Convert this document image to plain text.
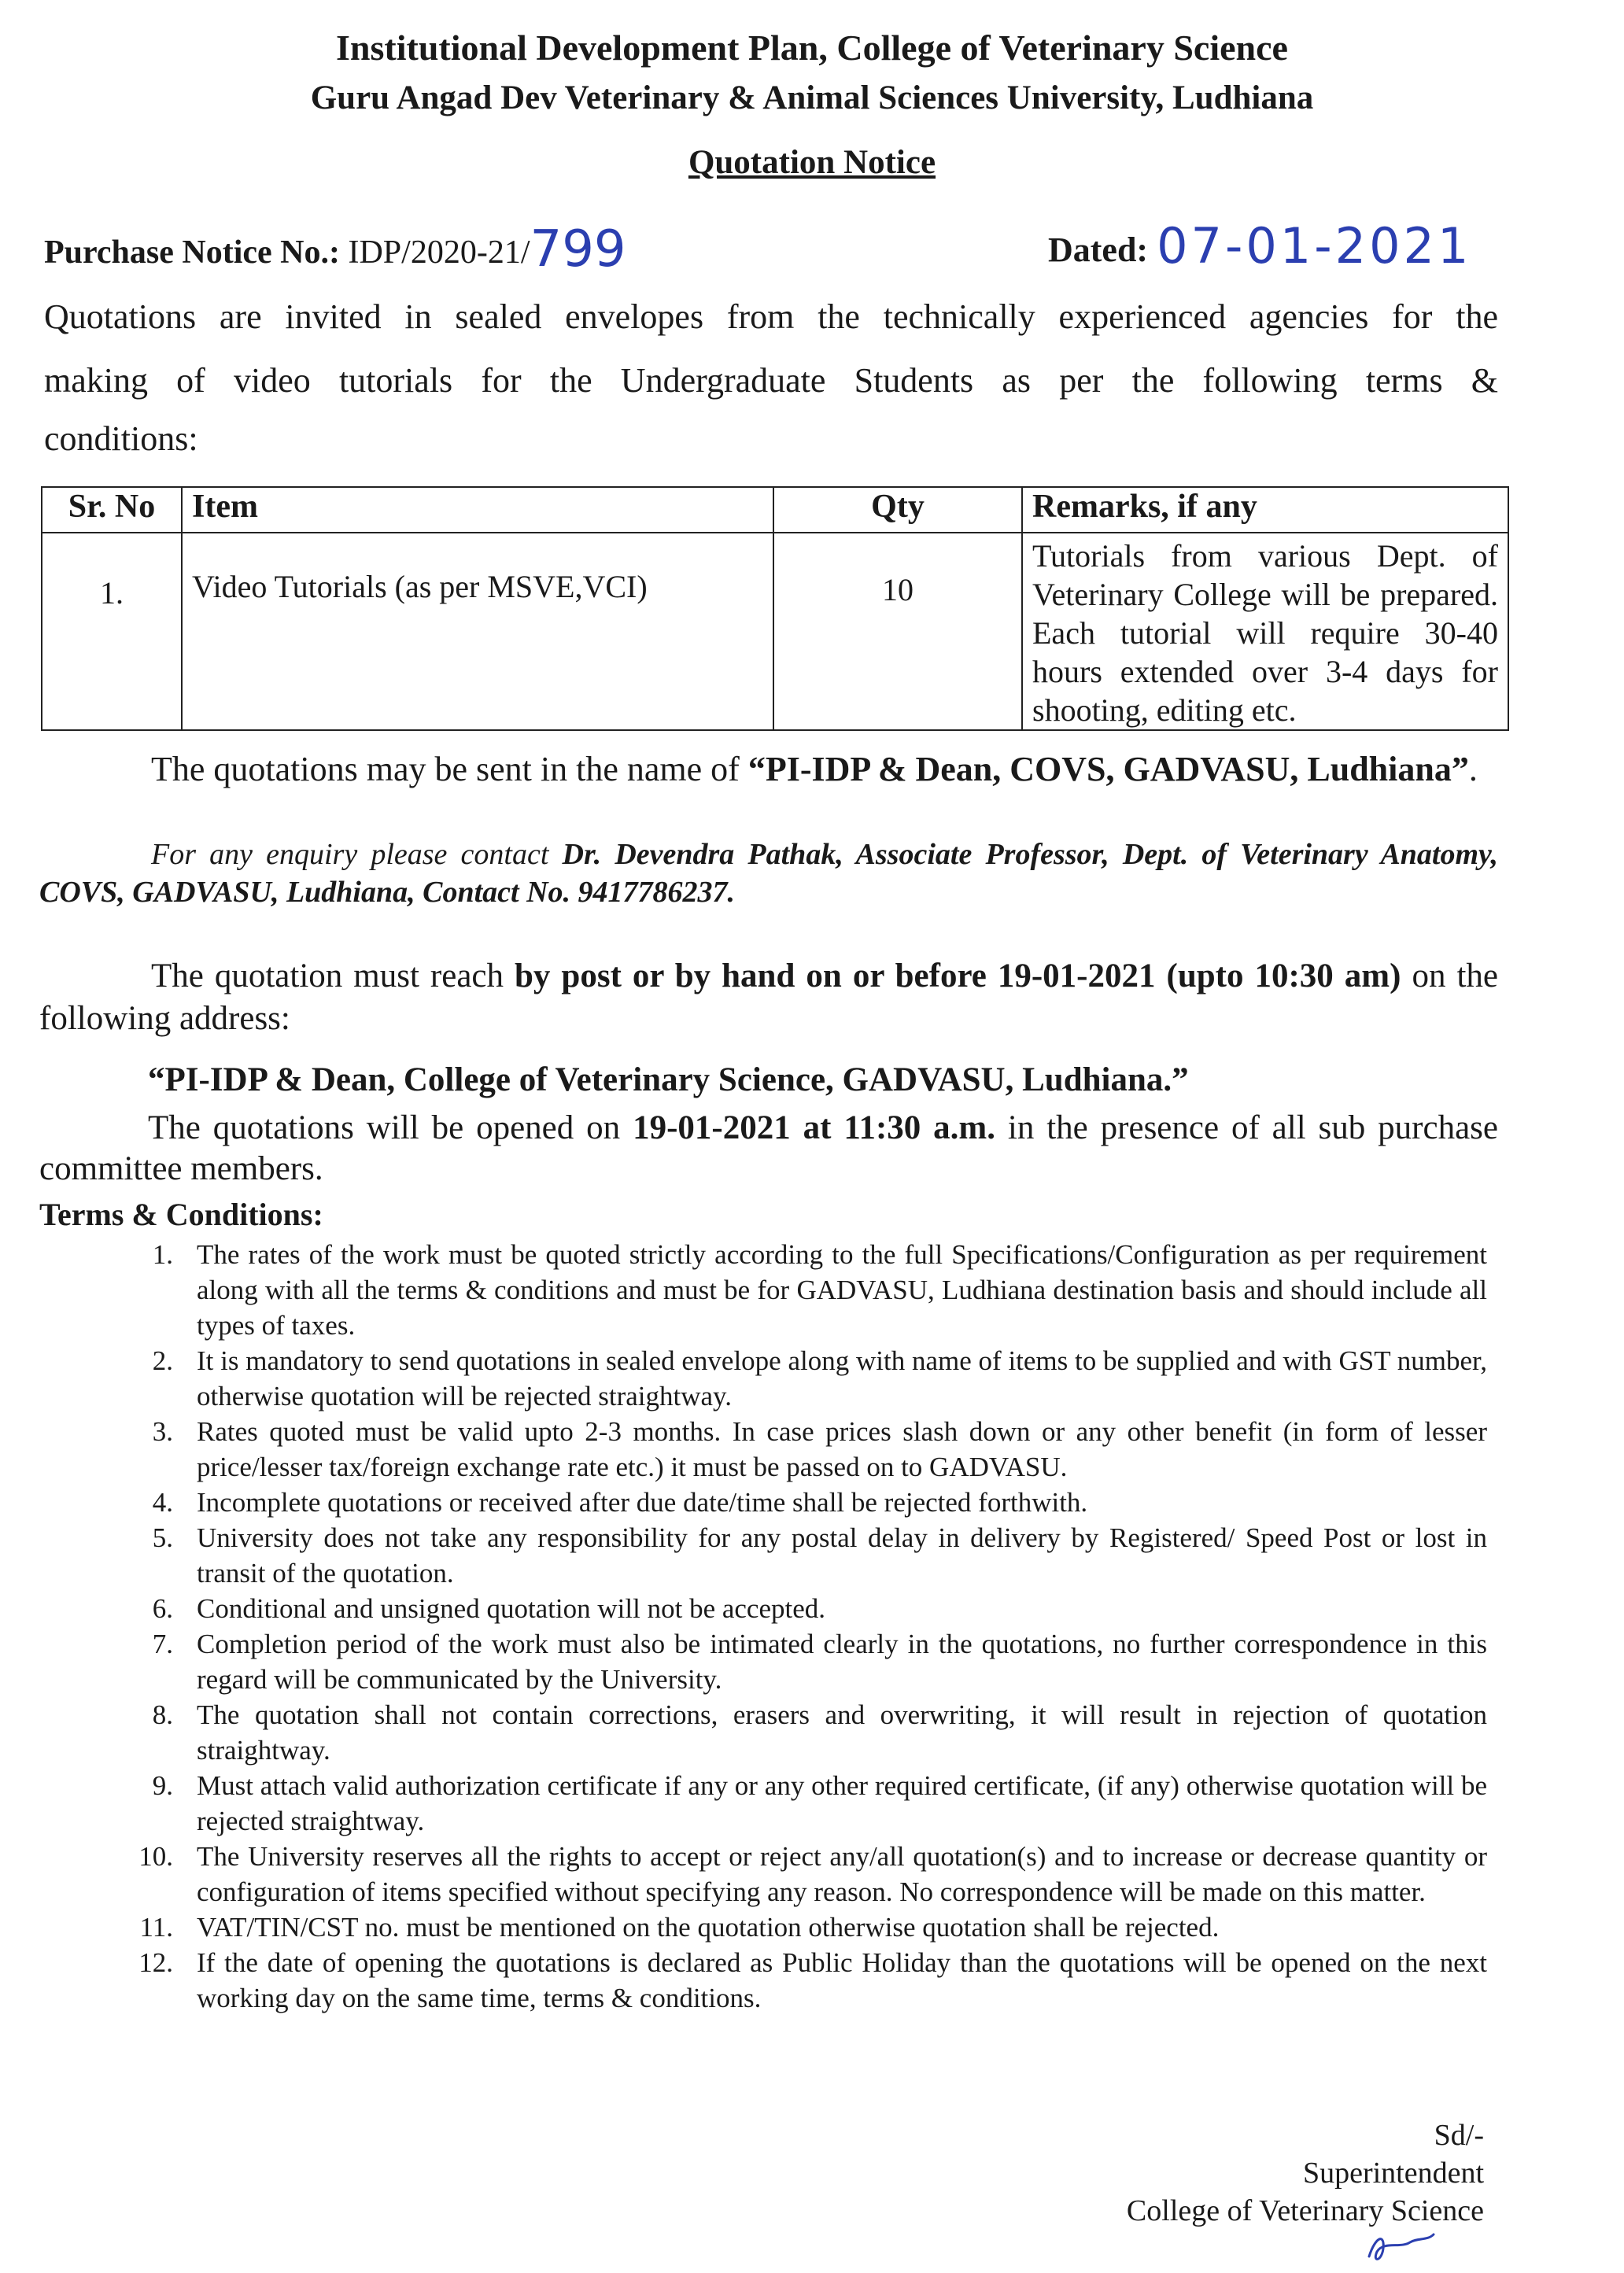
Institutional Development Plan, College of Veterinary Science
Guru Angad Dev Veterinary & Animal Sciences University, Ludhiana
Quotation Notice
Purchase Notice No.: IDP/2020-21/799	Dated: 07-01-2021
Quotations are invited in sealed envelopes from the technically experienced agencies for the
making of video tutorials for the Undergraduate Students as per the following terms &
conditions:
Sr. No	Item	Qty	Remarks, if any
1.	Video Tutorials (as per MSVE,VCI)	10	Tutorials from various Dept. of Veterinary College will be prepared. Each tutorial will require 30-40 hours extended over 3-4 days for shooting, editing etc.
The quotations may be sent in the name of “PI-IDP & Dean, COVS, GADVASU, Ludhiana”.
For any enquiry please contact Dr. Devendra Pathak, Associate Professor, Dept. of Veterinary Anatomy, COVS, GADVASU, Ludhiana, Contact No. 9417786237.
The quotation must reach by post or by hand on or before 19-01-2021 (upto 10:30 am) on the following address:
“PI-IDP & Dean, College of Veterinary Science, GADVASU, Ludhiana.”
The quotations will be opened on 19-01-2021 at 11:30 a.m. in the presence of all sub purchase committee members.
Terms & Conditions:
1. The rates of the work must be quoted strictly according to the full Specifications/Configuration as per requirement along with all the terms & conditions and must be for GADVASU, Ludhiana destination basis and should include all types of taxes.
2. It is mandatory to send quotations in sealed envelope along with name of items to be supplied and with GST number, otherwise quotation will be rejected straightway.
3. Rates quoted must be valid upto 2-3 months. In case prices slash down or any other benefit (in form of lesser price/lesser tax/foreign exchange rate etc.) it must be passed on to GADVASU.
4. Incomplete quotations or received after due date/time shall be rejected forthwith.
5. University does not take any responsibility for any postal delay in delivery by Registered/ Speed Post or lost in transit of the quotation.
6. Conditional and unsigned quotation will not be accepted.
7. Completion period of the work must also be intimated clearly in the quotations, no further correspondence in this regard will be communicated by the University.
8. The quotation shall not contain corrections, erasers and overwriting, it will result in rejection of quotation straightway.
9. Must attach valid authorization certificate if any or any other required certificate, (if any) otherwise quotation will be rejected straightway.
10. The University reserves all the rights to accept or reject any/all quotation(s) and to increase or decrease quantity or configuration of items specified without specifying any reason. No correspondence will be made on this matter.
11. VAT/TIN/CST no. must be mentioned on the quotation otherwise quotation shall be rejected.
12. If the date of opening the quotations is declared as Public Holiday than the quotations will be opened on the next working day on the same time, terms & conditions.
Sd/-
Superintendent
College of Veterinary Science
